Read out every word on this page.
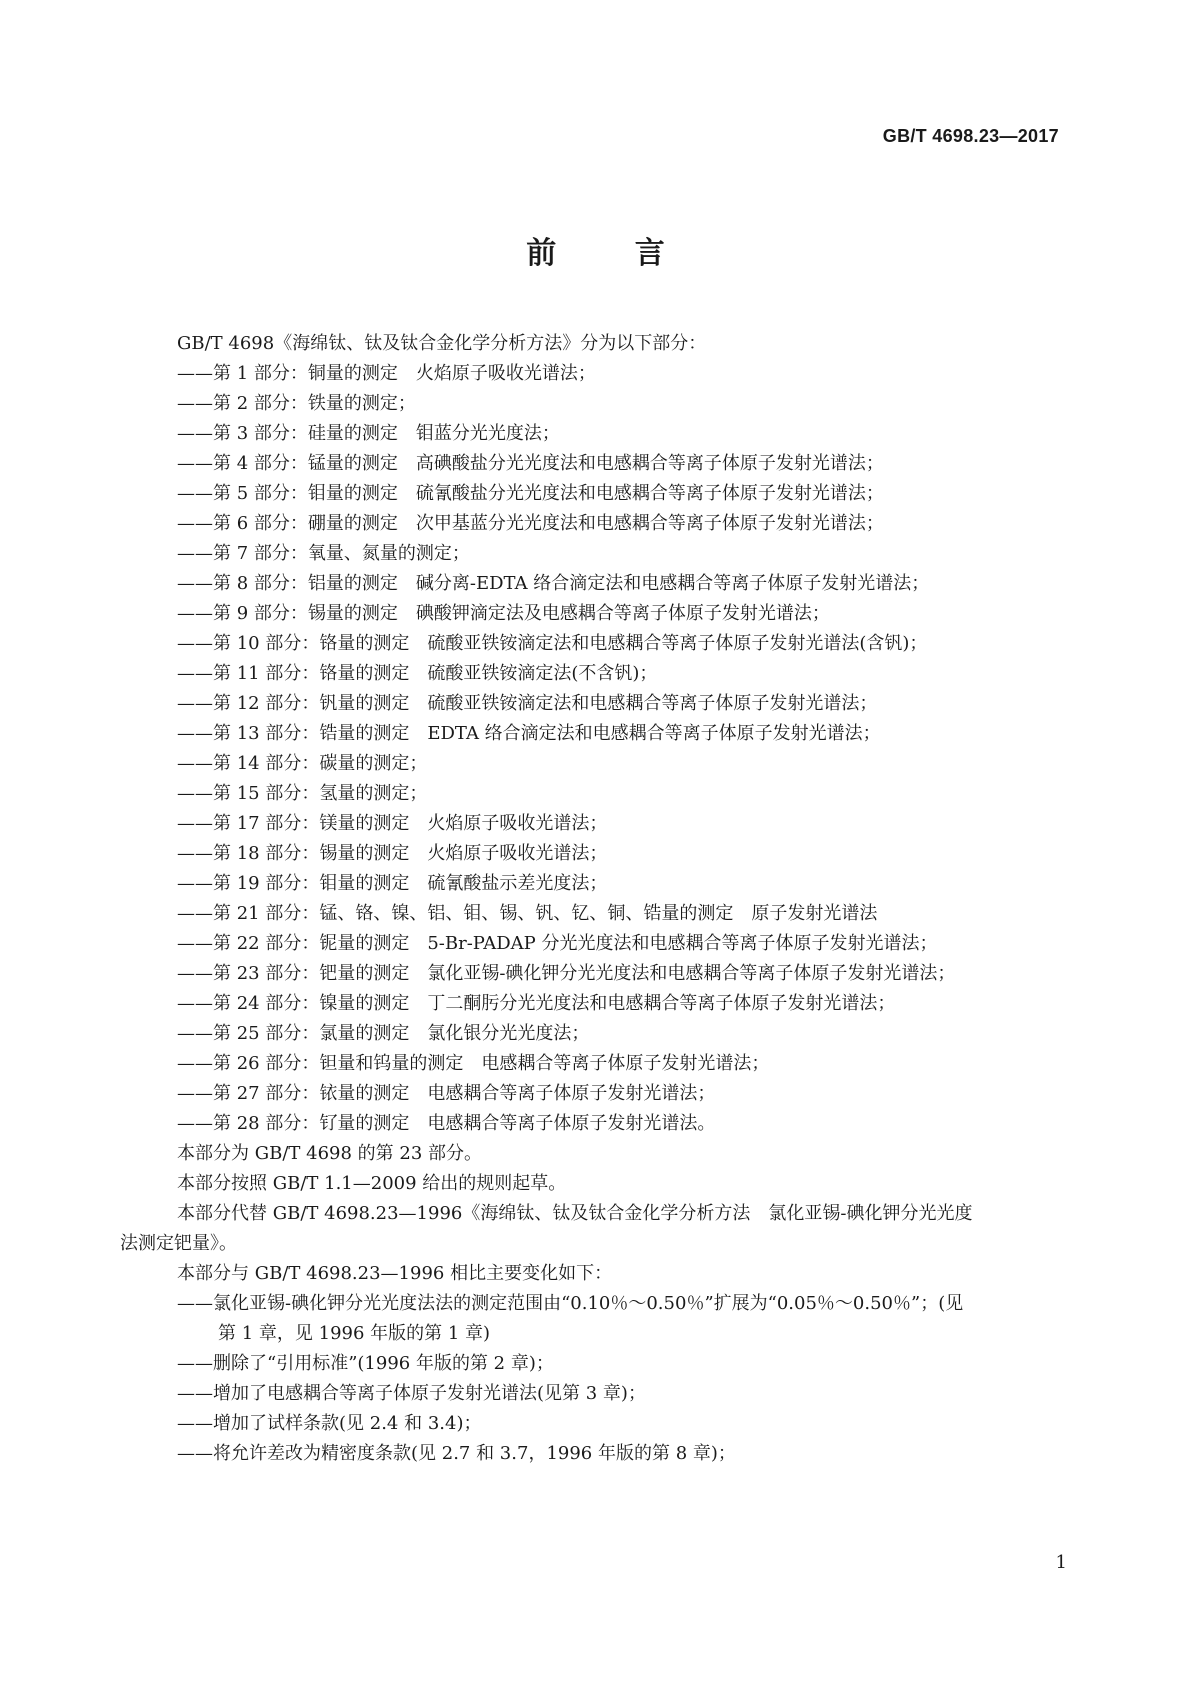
GB/T 4698.23—2017
前 言
GB/T 4698《海绵钛、钛及钛合金化学分析方法》分为以下部分：
——第 1 部分：铜量的测定　火焰原子吸收光谱法；
——第 2 部分：铁量的测定；
——第 3 部分：硅量的测定　钼蓝分光光度法；
——第 4 部分：锰量的测定　高碘酸盐分光光度法和电感耦合等离子体原子发射光谱法；
——第 5 部分：钼量的测定　硫氰酸盐分光光度法和电感耦合等离子体原子发射光谱法；
——第 6 部分：硼量的测定　次甲基蓝分光光度法和电感耦合等离子体原子发射光谱法；
——第 7 部分：氧量、氮量的测定；
——第 8 部分：铝量的测定　碱分离-EDTA 络合滴定法和电感耦合等离子体原子发射光谱法；
——第 9 部分：锡量的测定　碘酸钾滴定法及电感耦合等离子体原子发射光谱法；
——第 10 部分：铬量的测定　硫酸亚铁铵滴定法和电感耦合等离子体原子发射光谱法(含钒)；
——第 11 部分：铬量的测定　硫酸亚铁铵滴定法(不含钒)；
——第 12 部分：钒量的测定　硫酸亚铁铵滴定法和电感耦合等离子体原子发射光谱法；
——第 13 部分：锆量的测定　EDTA 络合滴定法和电感耦合等离子体原子发射光谱法；
——第 14 部分：碳量的测定；
——第 15 部分：氢量的测定；
——第 17 部分：镁量的测定　火焰原子吸收光谱法；
——第 18 部分：锡量的测定　火焰原子吸收光谱法；
——第 19 部分：钼量的测定　硫氰酸盐示差光度法；
——第 21 部分：锰、铬、镍、铝、钼、锡、钒、钇、铜、锆量的测定　原子发射光谱法
——第 22 部分：铌量的测定　5-Br-PADAP 分光光度法和电感耦合等离子体原子发射光谱法；
——第 23 部分：钯量的测定　氯化亚锡-碘化钾分光光度法和电感耦合等离子体原子发射光谱法；
——第 24 部分：镍量的测定　丁二酮肟分光光度法和电感耦合等离子体原子发射光谱法；
——第 25 部分：氯量的测定　氯化银分光光度法；
——第 26 部分：钽量和钨量的测定　电感耦合等离子体原子发射光谱法；
——第 27 部分：铱量的测定　电感耦合等离子体原子发射光谱法；
——第 28 部分：钌量的测定　电感耦合等离子体原子发射光谱法。
本部分为 GB/T 4698 的第 23 部分。
本部分按照 GB/T 1.1—2009 给出的规则起草。
本部分代替 GB/T 4698.23—1996《海绵钛、钛及钛合金化学分析方法　氯化亚锡-碘化钾分光光度
法测定钯量》。
本部分与 GB/T 4698.23—1996 相比主要变化如下：
——氯化亚锡-碘化钾分光光度法法的测定范围由“0.10％～0.50％”扩展为“0.05％～0.50％”；(见
第 1 章，见 1996 年版的第 1 章)
——删除了“引用标准”(1996 年版的第 2 章)；
——增加了电感耦合等离子体原子发射光谱法(见第 3 章)；
——增加了试样条款(见 2.4 和 3.4)；
——将允许差改为精密度条款(见 2.7 和 3.7，1996 年版的第 8 章)；
1
